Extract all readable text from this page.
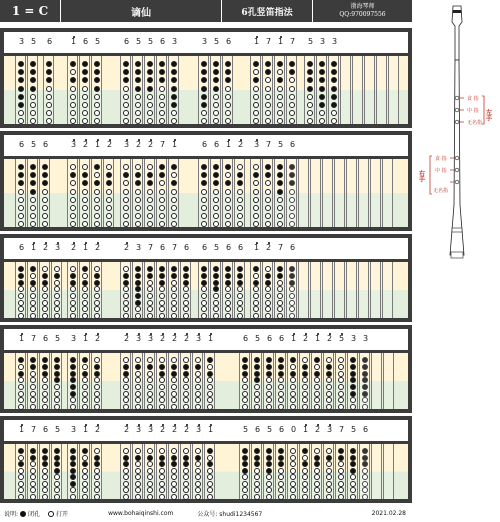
1 = C	谪仙	6孔竖笛指法
渤海琴师
QQ:970097556
3 5	6	1 6 5	6 5 5 6 3	3 5 6	1 7 1 7	5 3 3
6 5 6	3 2 1 2	3 2 2 7 1	6 6 1 2	3 7 5 6
6 1 2 3	2 1 2	2 3 7 6 7 6	6 5 6 6	1 2 7 6
1 7 6 5	3 1 2	2 3 3 2 2 2 3 1	6 5 6 6 1 2 1 2 5 3 3
1 7 6 5	3 1 2	2 3 3 2 2 2 3 1	5 6 5 6 0 1 2 3 7 5 6
说明: 闭孔	打开	www.bohaiqinshi.com	公众号: shudi1234567	2021.02.28
食 指
中 指
无名指
左手
食 指
中 指
无名指
右手
